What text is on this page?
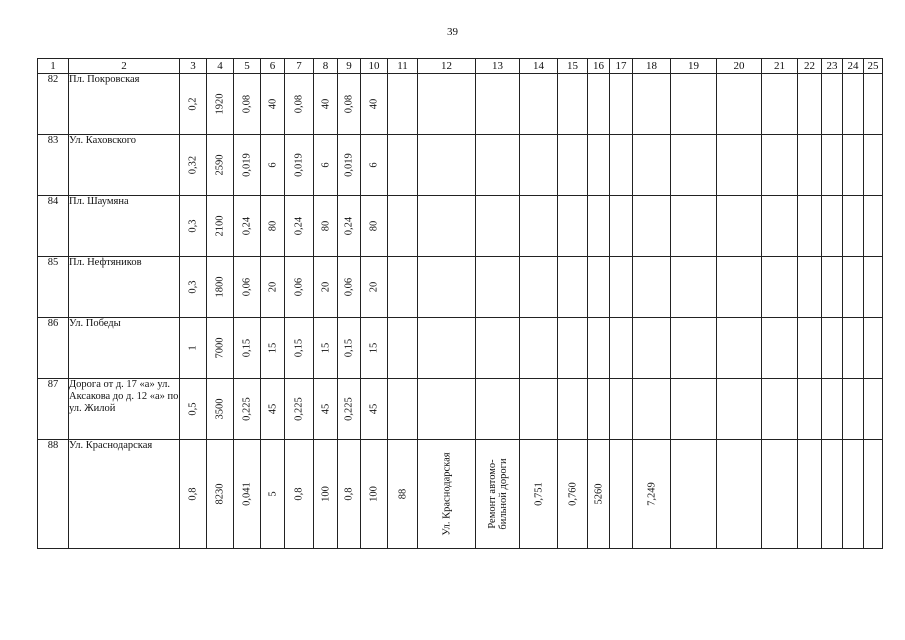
39
1	2	3	4	5	6	7	8	9	10	11	12	13	14	15	16	17	18	19	20	21	22	23	24	25
82	Пл. Покровская	0,2	1920	0,08	40	0,08	40	0,08	40															

83	Ул. Каховского	0,32	2590	0,019	6	0,019	6	0,019	6															

84	Пл. Шаумяна	0,3	2100	0,24	80	0,24	80	0,24	80															

85	Пл. Нефтяников	0,3	1800	0,06	20	0,06	20	0,06	20															

86	Ул. Победы	1	7000	0,15	15	0,15	15	0,15	15															

87	Дорога от д. 17 «а» ул. Аксакова до д. 12 «а» по ул. Жилой	0,5	3500	0,225	45	0,225	45	0,225	45															

88	Ул. Краснодарская	0,8	8230	0,041	5	0,8	100	0,8	100	88	Ул. Краснодарская	Ремонт автомо- бильной дороги	0,751	0,760	5260		7,249							
